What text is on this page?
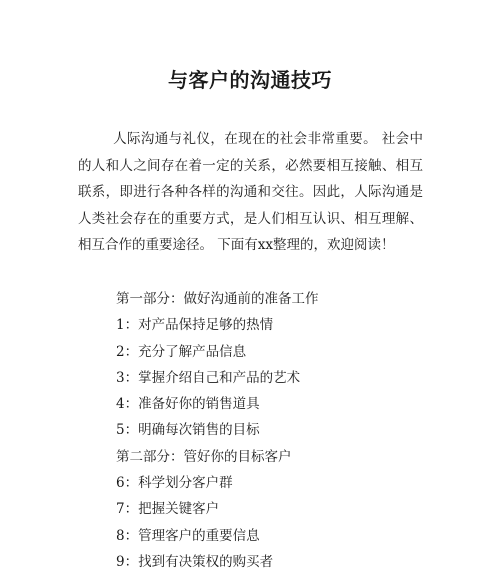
与客户的沟通技巧

人际沟通与礼仪，在现在的社会非常重要。 社会中的人和人之间存在着一定的关系，必然要相互接触、相互联系，即进行各种各样的沟通和交往。因此，人际沟通是人类社会存在的重要方式，是人们相互认识、相互理解、相互合作的重要途径。 下面有xx整理的，欢迎阅读！

第一部分：做好沟通前的准备工作
1：对产品保持足够的热情
2：充分了解产品信息
3：掌握介绍自己和产品的艺术
4：准备好你的销售道具
5：明确每次销售的目标
第二部分：管好你的目标客户
6：科学划分客户群
7：把握关键客户
8：管理客户的重要信息
9：找到有决策权的购买者
